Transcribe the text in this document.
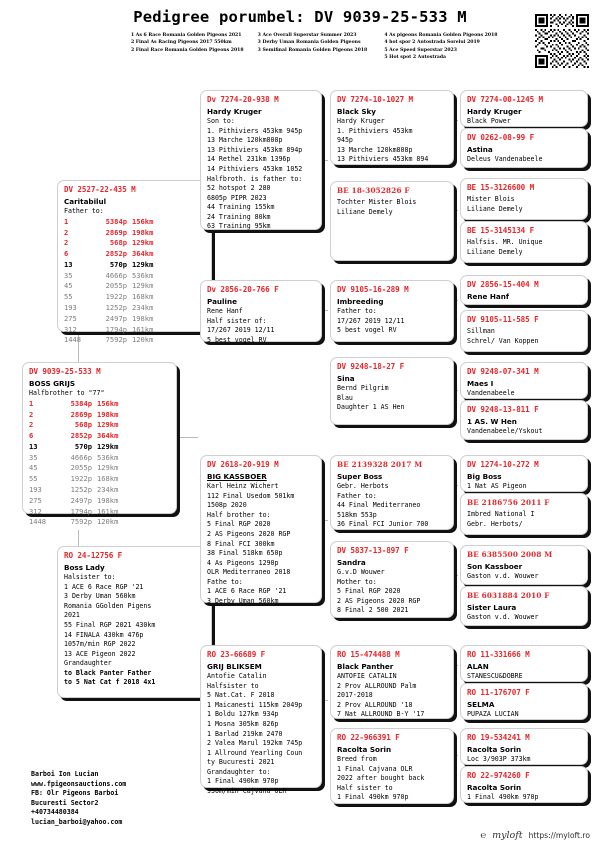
Pedigree porumbel: DV 9039-25-533 M
1 As 6 Race Romania Golden Pigeons 2021
2 Final As Racing Pigeons 2017 550km
2 Final Race Romania Golden Pigeons 2018
3 Ace Overall Superstar Summer 2023
3 Derby Uman Romania Golden Pigeons
3 Semifinal Romania Golden Pigeons 2018
4 As pigeons Romania Golden Pigeons 2018
4 hot spor 2 Autostrada Sorelui 2019
5 Ace Speed Superstar 2023
5 Hot spot 2 Autostrada
DV 9039-25-533 M
BOSS GRIJS
Halfbrother to "77"
1	5384p 156km
2	2869p 198km
2	568p 129km
6	2852p 364km
13	570p 129km
35	4666p 536km
45	2055p 129km
55	1922p 168km
193	1252p 234km
275	2497p 198km
312	1794p 161km
1448	7592p 120km
DV 2527-22-435 M
Caritabilul
Father to:
1	5384p 156km
2	2869p 198km
2	568p 129km
6	2852p 364km
13	570p 129km
35	4666p 536km
45	2055p 129km
55	1922p 168km
193	1252p 234km
275	2497p 198km
312	1794p 161km
1448	7592p 120km
RO 24-12756 F
Boss Lady
Halsister to:
1 ACE 6 Race RGP '21
3 Derby Uman 560km
Romania GGolden Pigens
2021
55 Final RGP 2021 430km
14 FINALA 430km 476p
1057m/min RGP 2022
13 ACE Pigeon 2022
Grandaughter
to Black Panter Father
to 5 Nat Cat f 2018 4x1
Dv 7274-20-938 M
Hardy Kruger
Son to:
1. Pithiviers 453km 945p
13 Marche 120km808p
13 Pithiviers 453km 894p
14 Rethel 231km 1396p
14 Pithiviers 453km 1052
Halfbroth. is father to:
52 hotspot 2 280
6805p PIPR 2023
44 Training 155km
24 Training 80km
63 Training 95km
Dv 2856-20-766 F
Pauline
Rene Hanf
Half sister of:
17/267 2019 12/11
5 best vogel RV
DV 2618-20-919 M
BIG KASSBOER
Karl Heinz Wichert
112 Final Usedom 501km
1508p 2020
Half brother to:
5 Final RGP 2020
2 AS Pigeons 2020 RGP
8 Final FCI 300km
38 Final 518km 650p
4 As Pigeons 1290p
OLR Mediterraneo 2018
Fathe to:
1 ACE 6 Race RGP '21
3 Derby Uman 560km
RO 23-66689 F
GRIJ BLIKSEM
Antofie Catalin
Halfsister to
5 Nat.Cat. F 2018
1 Maicanesti 115km 2049p
1 Boldu 127km 934p
1 Mosna 305km 826p
1 Barlad 219km 2470
2 Valea Marul 192km 745p
1 Allround Yearling Coun
ty Bucuresti 2021
Grandaughter to:
1 Final 490km 970p
930m/min Cajvana OLR
DV 7274-10-1027 M
Black Sky
Hardy Kruger
1. Pithiviers 453km
945p
13 Marche 120km808p
13 Pithiviers 453km 894
BE 18-3052826 F
Tochter Mister Blois
Liliane Demely
DV 9105-16-289 M
Imbreeding
Father to:
17/267 2019 12/11
5 best vogel RV
DV 9248-18-27 F
Sina
Bernd Pilgrim
Blau
Daughter 1 AS Hen
BE 2139328 2017 M
Super Boss
Gebr. Herbots
Father to:
44 Final Mediterraneo
518km 553p
36 Final FCI Junior 700
DV 5837-13-897 F
Sandra
G.v.D Wouwer
Mother to:
5 Final RGP 2020
2 AS Pigeons 2020 RGP
8 Final 2 500 2021
RO 15-474488 M
Black Panther
ANTOFIE CATALIN
2 Prov ALLROUND Palm
2017-2018
2 Prov ALLROUND '18
7 Nat ALLROUND B-Y '17
RO 22-966391 F
Racolta Sorin
Breed from
1 Final Cajvana OLR
2022 after bought back
Half sister to
1 Final 490km 970p
DV 7274-00-1245 M
Hardy Kruger
Black Power
DV 0262-08-99 F
Astina
Deleus Vandenabeele
BE 15-3126600 M
Mister Blois
Liliane Demely
BE 15-3145134 F
Halfsis. MR. Unique
Liliane Demely
DV 2856-15-404 M
Rene Hanf
DV 9105-11-585 F
Sillman
Schrel/ Van Koppen
DV 9248-07-341 M
Maes I
Vandenabeele
DV 9248-13-811 F
1 AS. W Hen
Vandenabeele/Yskout
DV 1274-10-272 M
Big Boss
1 Nat AS Pigeon
BE 2186756 2011 F
Imbred National I
Gebr. Herbots/
BE 6385500 2008 M
Son Kassboer
Gaston v.d. Wouwer
BE 6031884 2010 F
Sister Laura
Gaston v.d. Wouwer
RO 11-331666 M
ALAN
STANESCU&DOBRE
RO 11-176707 F
SELMA
PUPAZA LUCIAN
RO 19-534241 M
Racolta Sorin
Loc 3/903P 373km
RO 22-974260 F
Racolta Sorin
1 Final 490km 970p
Barboi Ion Lucian
www.fpigeonsauctions.com
FB: Olr Pigeons Barboi
Bucuresti Sector2
+40734480384
lucian_barboi@yahoo.com
℮ myloft https://myloft.ro
